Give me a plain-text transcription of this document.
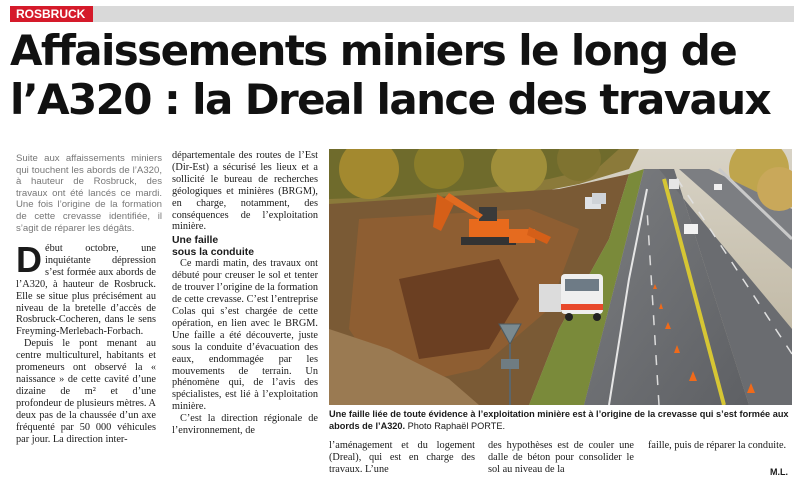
ROSBRUCK
Affaissements miniers le long de
l’A320 : la Dreal lance des travaux

Suite aux affaissements miniers qui touchent les abords de l’A320, à hauteur de Rosbruck, des travaux ont été lancés ce mardi. Une fois l’origine de la formation de cette crevasse identifiée, il s’agit de réparer les dégâts.

Début octobre, une inquiétante dépression s’est formée aux abords de l’A320, à hauteur de Rosbruck. Elle se situe plus précisément au niveau de la bretelle d’accès de Rosbruck-Cocheren, dans le sens Freyming-Merlebach-Forbach.

Depuis le pont menant au centre multiculturel, habitants et promeneurs ont observé la « naissance » de cette cavité d’une dizaine de m² et d’une profondeur de plusieurs mètres. A deux pas de la chaussée d’un axe fréquenté par 50 000 véhicules par jour. La direction inter-

départementale des routes de l’Est (Dir-Est) a sécurisé les lieux et a sollicité le bureau de recherches géologiques et minières (BRGM), en charge, notamment, des conséquences de l’exploitation minière.

Une faille
sous la conduite

Ce mardi matin, des travaux ont débuté pour creuser le sol et tenter de trouver l’origine de la formation de cette crevasse. C’est l’entreprise Colas qui s’est chargée de cette opération, en lien avec le BRGM. Une faille a été découverte, juste sous la conduite d’évacuation des eaux, endommagée par les mouvements de terrain. Un phénomène qui, de l’avis des spécialistes, est lié à l’exploitation minière.

C’est la direction régionale de l’environnement, de

Une faille liée de toute évidence à l’exploitation minière est à l’origine de la crevasse qui s’est formée aux abords de l’A320. Photo Raphaël PORTE.

l’aménagement et du logement (Dreal), qui est en charge des travaux. L’une

des hypothèses est de couler une dalle de béton pour consolider le sol au niveau de la

faille, puis de réparer la conduite.

M.L.
